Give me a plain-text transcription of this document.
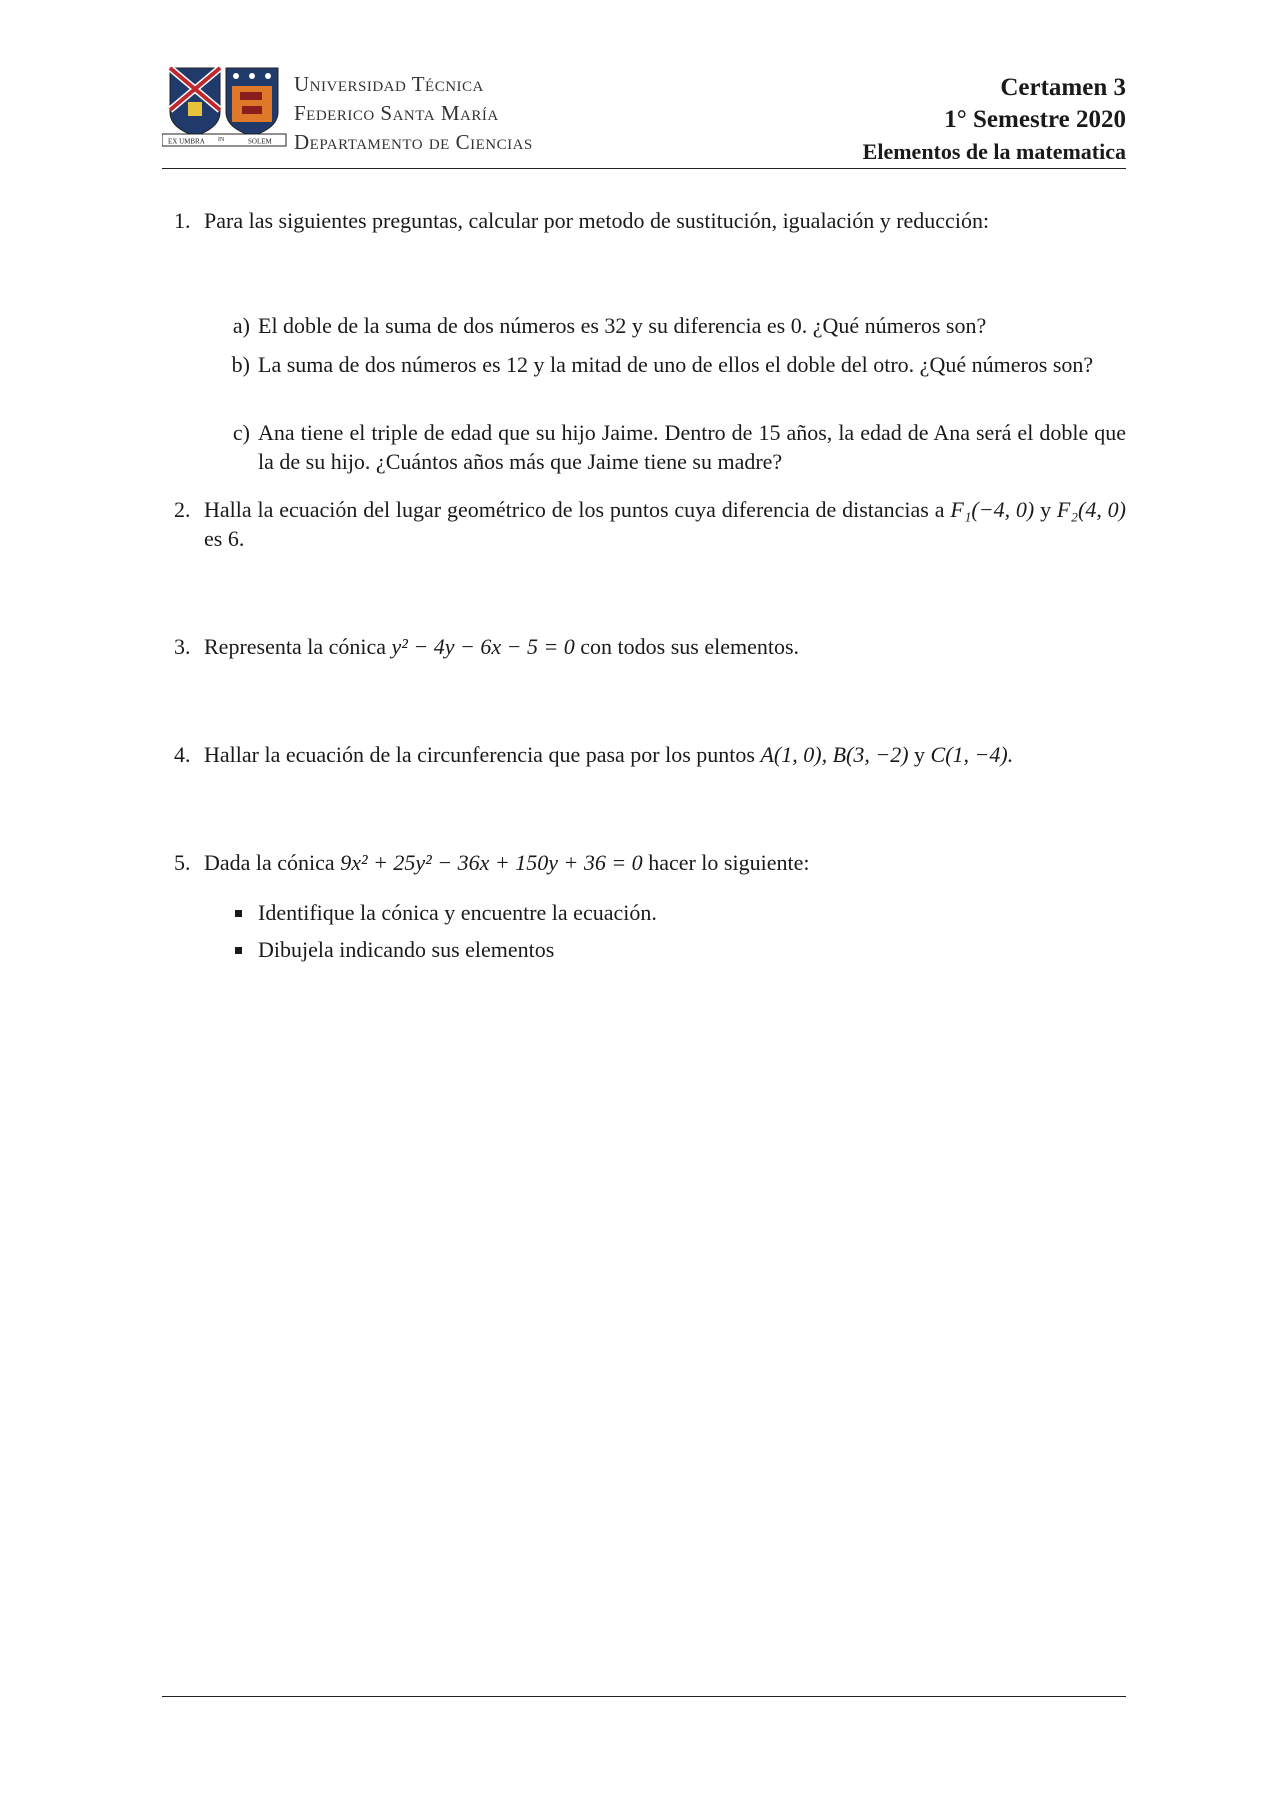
EX UMBRA IN	SOLEM
Universidad Técnica
Federico Santa María
Departamento de Ciencias
Certamen 3
1° Semestre 2020
Elementos de la matematica
1. Para las siguientes preguntas, calcular por metodo de sustitución, igualación y reducción:
a) El doble de la suma de dos números es 32 y su diferencia es 0. ¿Qué números son?
b) La suma de dos números es 12 y la mitad de uno de ellos el doble del otro. ¿Qué números son?
c) Ana tiene el triple de edad que su hijo Jaime. Dentro de 15 años, la edad de Ana será el doble que la de su hijo. ¿Cuántos años más que Jaime tiene su madre?
2. Halla la ecuación del lugar geométrico de los puntos cuya diferencia de distancias a F₁(−4, 0) y F₂(4, 0) es 6.
3. Representa la cónica y² − 4y − 6x − 5 = 0 con todos sus elementos.
4. Hallar la ecuación de la circunferencia que pasa por los puntos A(1, 0), B(3, −2) y C(1, −4).
5. Dada la cónica 9x² + 25y² − 36x + 150y + 36 = 0 hacer lo siguiente:
Identifique la cónica y encuentre la ecuación.
Dibujela indicando sus elementos
